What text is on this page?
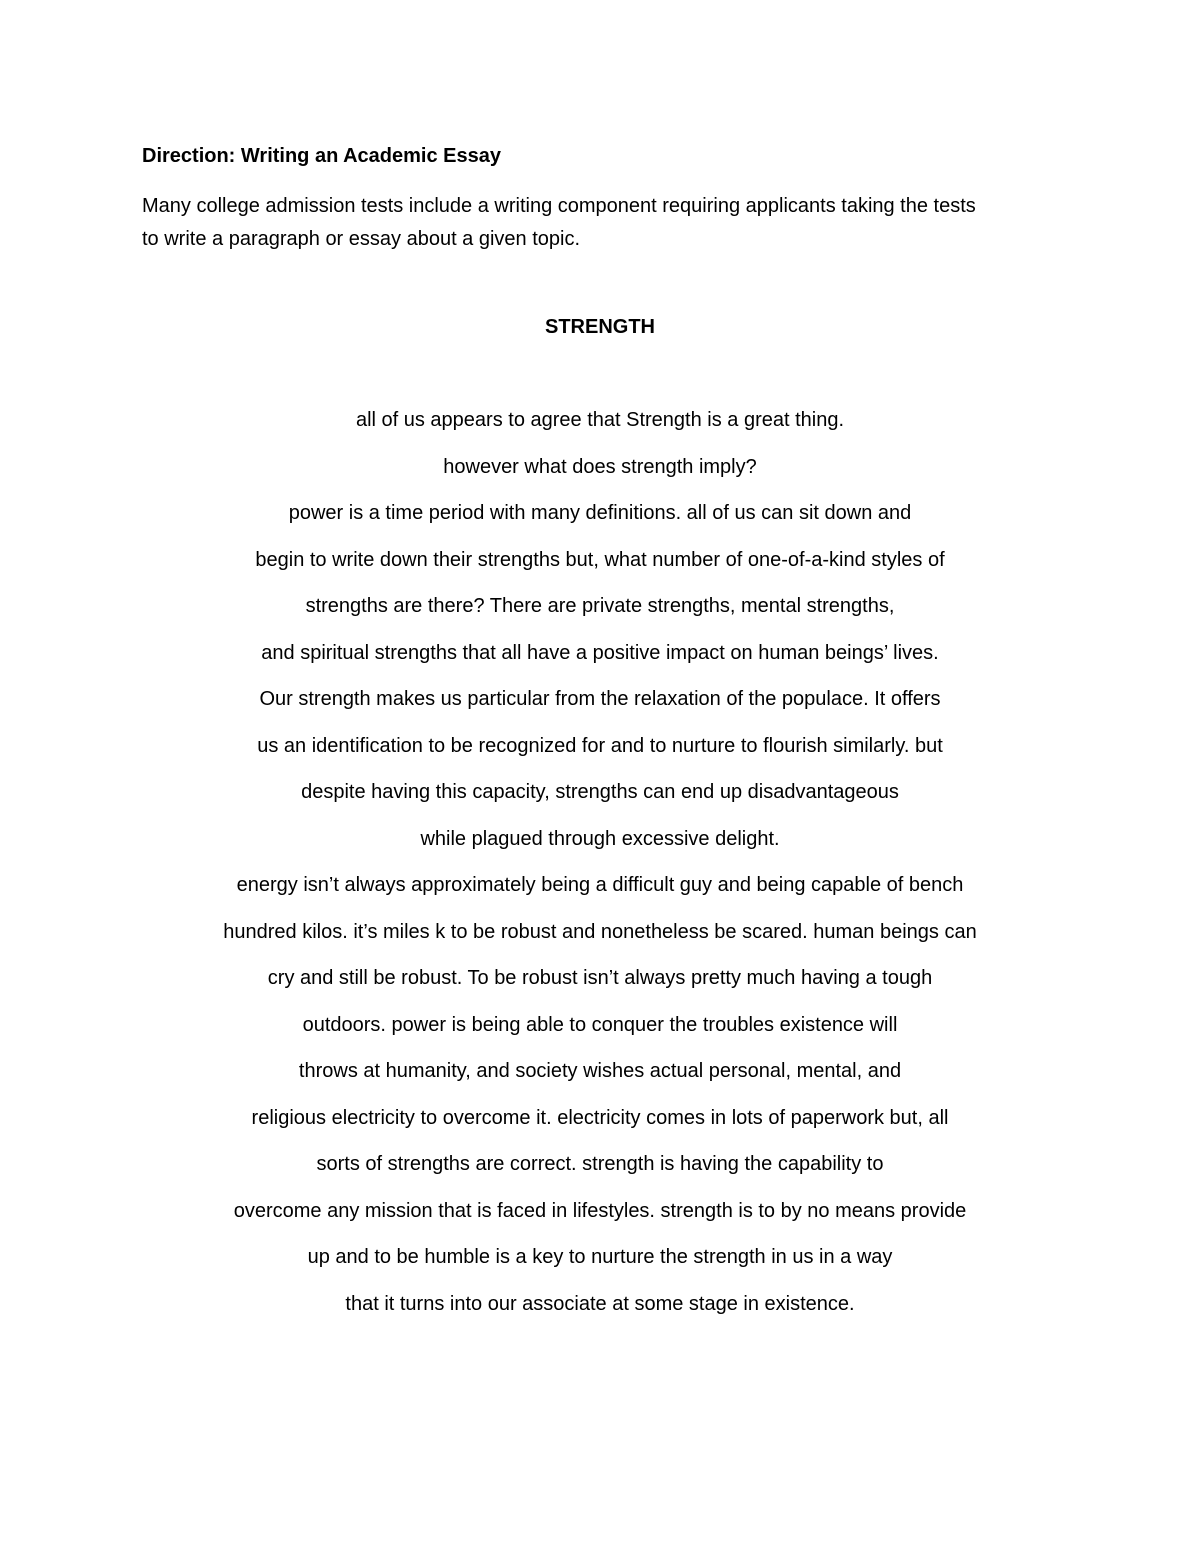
Direction: Writing an Academic Essay
Many college admission tests include a writing component requiring applicants taking the tests
to write a paragraph or essay about a given topic.
STRENGTH
all of us appears to agree that Strength is a great thing.
however what does strength imply?
power is a time period with many definitions. all of us can sit down and
begin to write down their strengths but, what number of one-of-a-kind styles of
strengths are there? There are private strengths, mental strengths,
and spiritual strengths that all have a positive impact on human beings’ lives.
Our strength makes us particular from the relaxation of the populace. It offers
us an identification to be recognized for and to nurture to flourish similarly. but
despite having this capacity, strengths can end up disadvantageous
while plagued through excessive delight.
energy isn’t always approximately being a difficult guy and being capable of bench
hundred kilos. it’s miles k to be robust and nonetheless be scared. human beings can
cry and still be robust. To be robust isn’t always pretty much having a tough
outdoors. power is being able to conquer the troubles existence will
throws at humanity, and society wishes actual personal, mental, and
religious electricity to overcome it. electricity comes in lots of paperwork but, all
sorts of strengths are correct. strength is having the capability to
overcome any mission that is faced in lifestyles. strength is to by no means provide
up and to be humble is a key to nurture the strength in us in a way
that it turns into our associate at some stage in existence.
